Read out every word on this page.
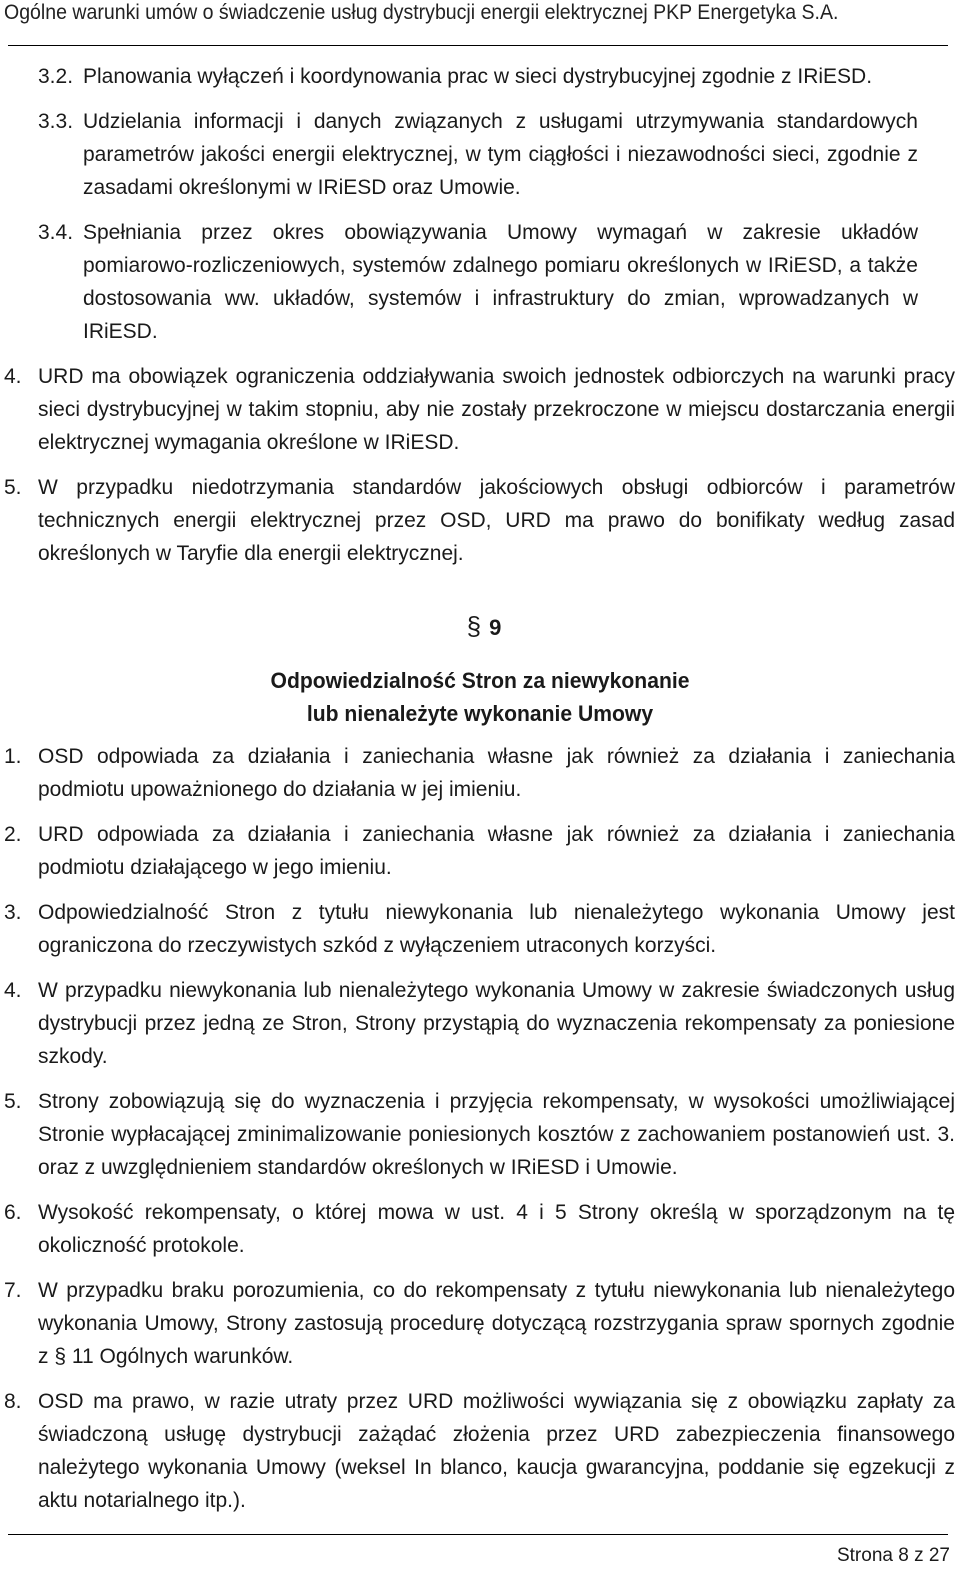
Ogólne warunki umów o świadczenie usług dystrybucji energii elektrycznej PKP Energetyka S.A.
3.2. Planowania wyłączeń i koordynowania prac w sieci dystrybucyjnej zgodnie z IRiESD.
3.3. Udzielania informacji i danych związanych z usługami utrzymywania standardowych parametrów jakości energii elektrycznej, w tym ciągłości i niezawodności sieci, zgodnie z zasadami określonymi w IRiESD oraz Umowie.
3.4. Spełniania przez okres obowiązywania Umowy wymagań w zakresie układów pomiarowo-rozliczeniowych, systemów zdalnego pomiaru określonych w IRiESD, a także dostosowania ww. układów, systemów i infrastruktury do zmian, wprowadzanych w IRiESD.
4. URD ma obowiązek ograniczenia oddziaływania swoich jednostek odbiorczych na warunki pracy sieci dystrybucyjnej w takim stopniu, aby nie zostały przekroczone w miejscu dostarczania energii elektrycznej wymagania określone w IRiESD.
5. W przypadku niedotrzymania standardów jakościowych obsługi odbiorców i parametrów technicznych energii elektrycznej przez OSD, URD ma prawo do bonifikaty według zasad określonych w Taryfie dla energii elektrycznej.
§ 9
Odpowiedzialność Stron za niewykonanie
lub nienależyte wykonanie Umowy
1. OSD odpowiada za działania i zaniechania własne jak również za działania i zaniechania podmiotu upoważnionego do działania w jej imieniu.
2. URD odpowiada za działania i zaniechania własne jak również za działania i zaniechania podmiotu działającego w jego imieniu.
3. Odpowiedzialność Stron z tytułu niewykonania lub nienależytego wykonania Umowy jest ograniczona do rzeczywistych szkód z wyłączeniem utraconych korzyści.
4. W przypadku niewykonania lub nienależytego wykonania Umowy w zakresie świadczonych usług dystrybucji przez jedną ze Stron, Strony przystąpią do wyznaczenia rekompensaty za poniesione szkody.
5. Strony zobowiązują się do wyznaczenia i przyjęcia rekompensaty, w wysokości umożliwiającej Stronie wypłacającej zminimalizowanie poniesionych kosztów z zachowaniem postanowień ust. 3. oraz z uwzględnieniem standardów określonych w IRiESD i Umowie.
6. Wysokość rekompensaty, o której mowa w ust. 4 i 5 Strony określą w sporządzonym na tę okoliczność protokole.
7. W przypadku braku porozumienia, co do rekompensaty z tytułu niewykonania lub nienależytego wykonania Umowy, Strony zastosują procedurę dotyczącą rozstrzygania spraw spornych zgodnie z § 11 Ogólnych warunków.
8. OSD ma prawo, w razie utraty przez URD możliwości wywiązania się z obowiązku zapłaty za świadczoną usługę dystrybucji zażądać złożenia przez URD zabezpieczenia finansowego należytego wykonania Umowy (weksel In blanco, kaucja gwarancyjna, poddanie się egzekucji z aktu notarialnego itp.).
Strona 8 z 27
